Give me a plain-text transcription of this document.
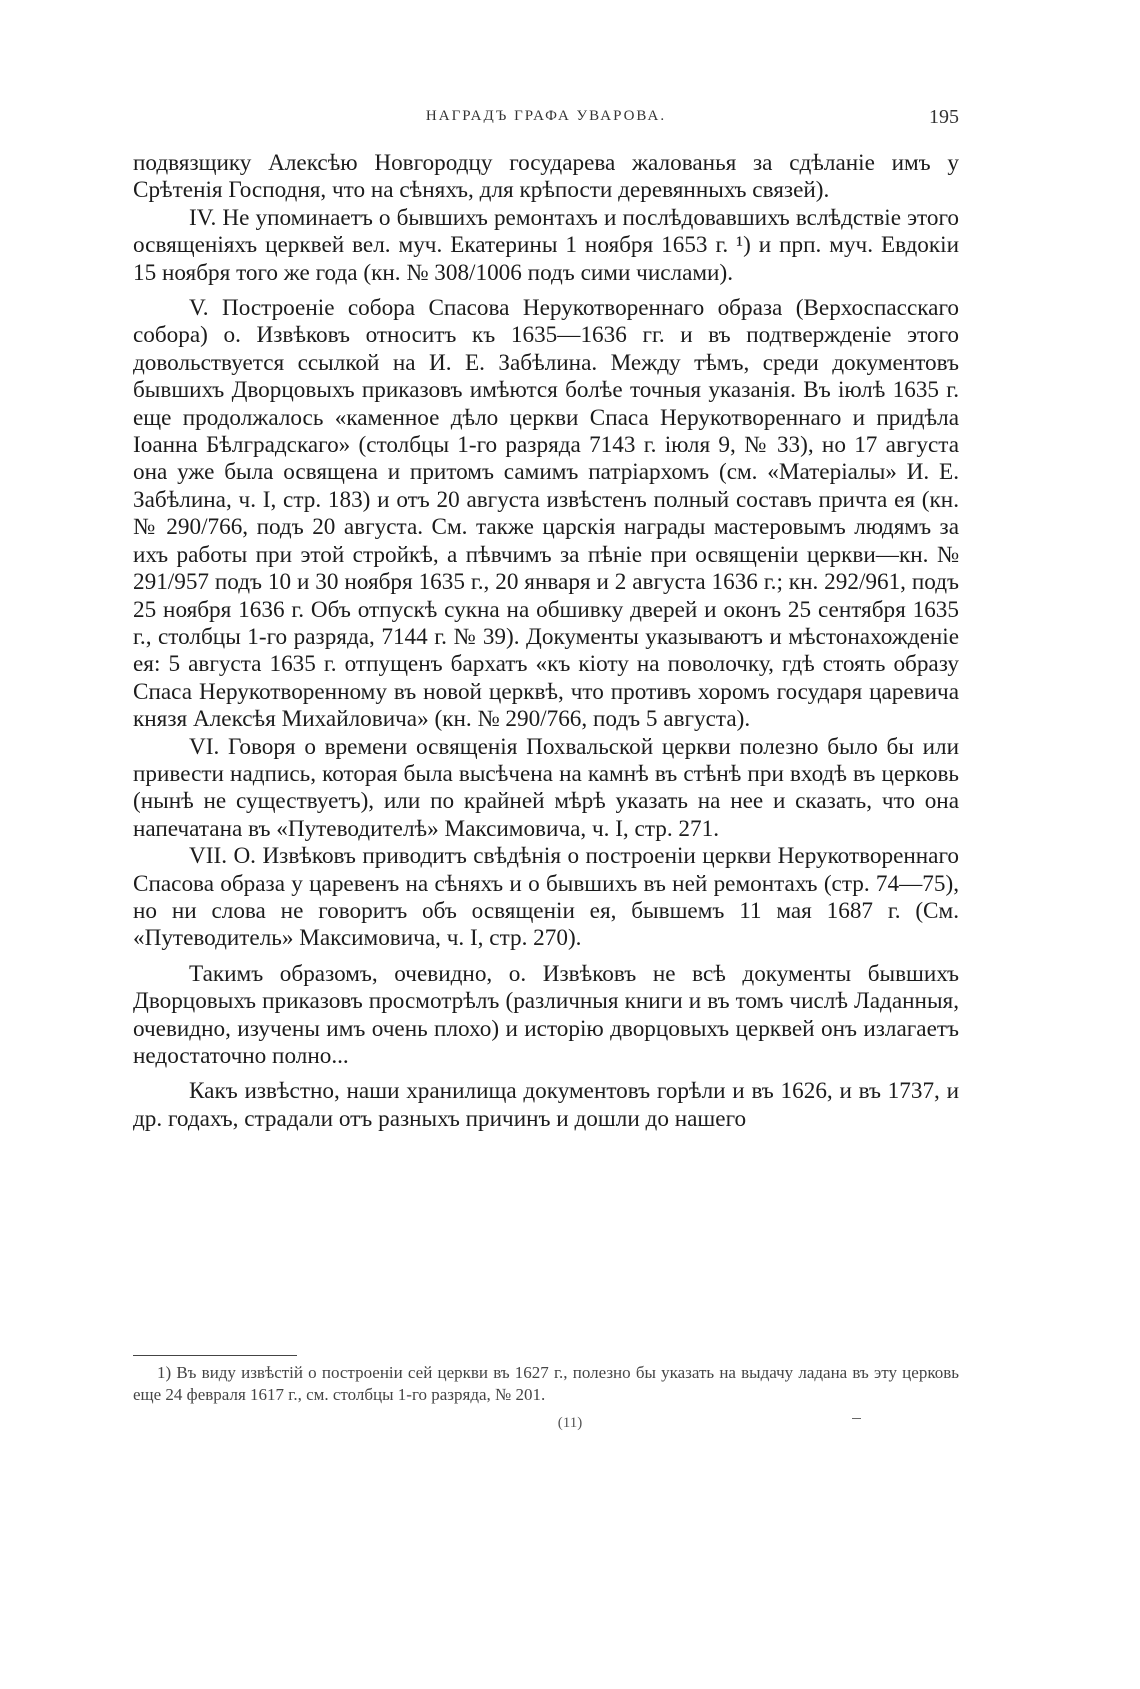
НАГРАДЪ ГРАФА УВАРОВА.	195

подвязщику Алексѣю Новгородцу государева жалованья за сдѣланіе имъ у Срѣтенія Господня, что на сѣняхъ, для крѣпости деревянныхъ связей).

IV. Не упоминаетъ о бывшихъ ремонтахъ и послѣдовавшихъ вслѣдствіе этого освященіяхъ церквей вел. муч. Екатерины 1 ноября 1653 г. ¹) и прп. муч. Евдокіи 15 ноября того же года (кн. № 308/1006 подъ сими числами).

V. Построеніе собора Спасова Нерукотвореннаго образа (Верхоспасскаго собора) о. Извѣковъ относитъ къ 1635—1636 гг. и въ подтвержденіе этого довольствуется ссылкой на И. Е. Забѣлина. Между тѣмъ, среди документовъ бывшихъ Дворцовыхъ приказовъ имѣются болѣе точныя указанія. Въ іюлѣ 1635 г. еще продолжалось «каменное дѣло церкви Спаса Нерукотвореннаго и придѣла Іоанна Бѣлградскаго» (столбцы 1-го разряда 7143 г. іюля 9, № 33), но 17 августа она уже была освящена и притомъ самимъ патріархомъ (см. «Матеріалы» И. Е. Забѣлина, ч. I, стр. 183) и отъ 20 августа извѣстенъ полный составъ причта ея (кн. № 290/766, подъ 20 августа. См. также царскія награды мастеровымъ людямъ за ихъ работы при этой стройкѣ, а пѣвчимъ за пѣніе при освященіи церкви—кн. № 291/957 подъ 10 и 30 ноября 1635 г., 20 января и 2 августа 1636 г.; кн. 292/961, подъ 25 ноября 1636 г. Объ отпускѣ сукна на обшивку дверей и оконъ 25 сентября 1635 г., столбцы 1-го разряда, 7144 г. № 39). Документы указываютъ и мѣстонахожденіе ея: 5 августа 1635 г. отпущенъ бархатъ «къ кіоту на поволочку, гдѣ стоять образу Спаса Нерукотворенному въ новой церквѣ, что противъ хоромъ государя царевича князя Алексѣя Михайловича» (кн. № 290/766, подъ 5 августа).

VI. Говоря о времени освященія Похвальской церкви полезно было бы или привести надпись, которая была высѣчена на камнѣ въ стѣнѣ при входѣ въ церковь (нынѣ не существуетъ), или по крайней мѣрѣ указать на нее и сказать, что она напечатана въ «Путеводителѣ» Максимовича, ч. I, стр. 271.

VII. О. Извѣковъ приводитъ свѣдѣнія о построеніи церкви Нерукотвореннаго Спасова образа у царевенъ на сѣняхъ и о бывшихъ въ ней ремонтахъ (стр. 74—75), но ни слова не говоритъ объ освященіи ея, бывшемъ 11 мая 1687 г. (См. «Путеводитель» Максимовича, ч. I, стр. 270).

Такимъ образомъ, очевидно, о. Извѣковъ не всѣ документы бывшихъ Дворцовыхъ приказовъ просмотрѣлъ (различныя книги и въ томъ числѣ Ладанныя, очевидно, изучены имъ очень плохо) и исторію дворцовыхъ церквей онъ излагаетъ недостаточно полно...

Какъ извѣстно, наши хранилища документовъ горѣли и въ 1626, и въ 1737, и др. годахъ, страдали отъ разныхъ причинъ и дошли до нашего

1) Въ виду извѣстій о построеніи сей церкви въ 1627 г., полезно бы указать на выдачу ладана въ эту церковь еще 24 февраля 1617 г., см. столбцы 1-го разряда, № 201.

(11)
